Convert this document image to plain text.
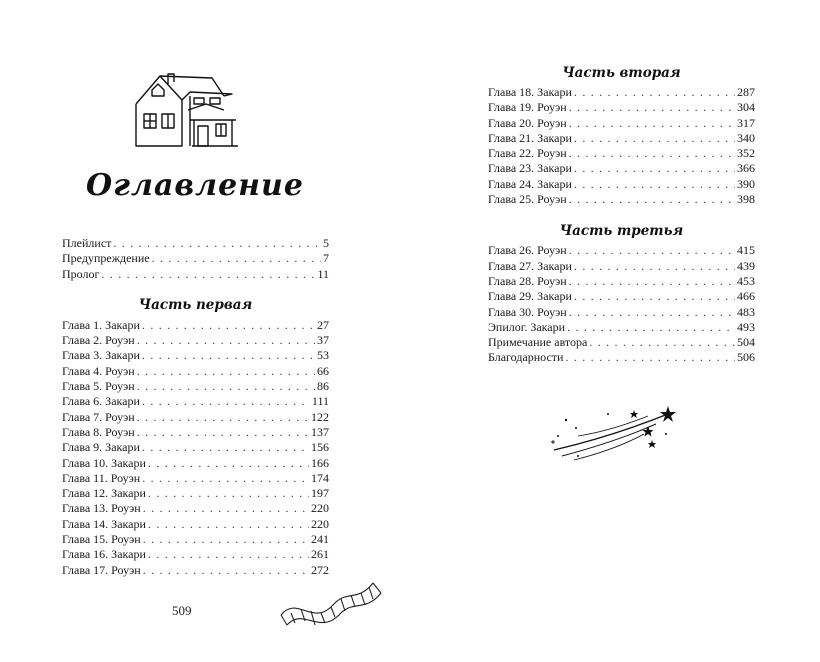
Оглавление
Плейлист . . .	5
Предупреждение . . .	7
Пролог . . .	11
Часть первая
Глава 1. Закари . . .	27
Глава 2. Роуэн . . .	37
Глава 3. Закари . . .	53
Глава 4. Роуэн . . .	66
Глава 5. Роуэн . . .	86
Глава 6. Закари . . .	111
Глава 7. Роуэн . . .	122
Глава 8. Роуэн . . .	137
Глава 9. Закари . . .	156
Глава 10. Закари . . .	166
Глава 11. Роуэн . . .	174
Глава 12. Закари . . .	197
Глава 13. Роуэн . . .	220
Глава 14. Закари . . .	220
Глава 15. Роуэн . . .	241
Глава 16. Закари . . .	261
Глава 17. Роуэн . . .	272
509
Часть вторая
Глава 18. Закари . . .	287
Глава 19. Роуэн . . .	304
Глава 20. Роуэн . . .	317
Глава 21. Закари . . .	340
Глава 22. Роуэн . . .	352
Глава 23. Закари . . .	366
Глава 24. Закари . . .	390
Глава 25. Роуэн . . .	398
Часть третья
Глава 26. Роуэн . . .	415
Глава 27. Закари . . .	439
Глава 28. Роуэн . . .	453
Глава 29. Закари . . .	466
Глава 30. Роуэн . . .	483
Эпилог. Закари . . .	493
Примечание автора . . .	504
Благодарности . . .	506
